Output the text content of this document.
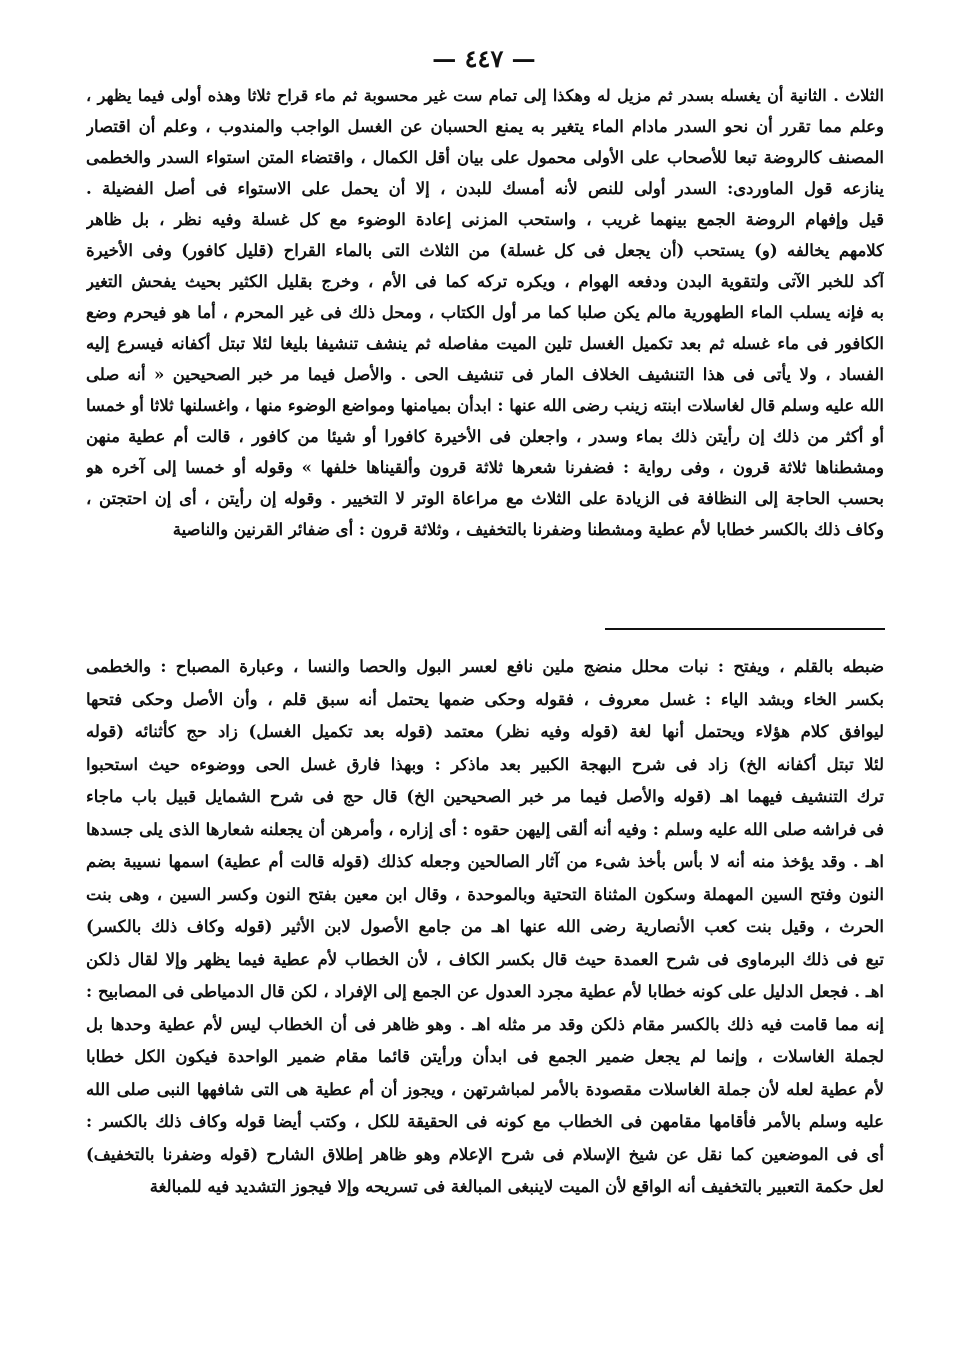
— ٤٤٧ —
الثلاث . الثانية أن يغسله بسدر ثم مزيل له وهكذا إلى تمام ست غير محسوبة ثم ماء قراح ثلاثا وهذه أولى فيما يظهر ،
وعلم مما تقرر أن نحو السدر مادام الماء يتغير به يمنع الحسبان عن الغسل الواجب والمندوب ، وعلم أن اقتصار
المصنف كالروضة تبعا للأصحاب على الأولى محمول على بيان أقل الكمال ، واقتضاء المتن استواء السدر والخطمى
ينازعه قول الماوردى: السدر أولى للنص لأنه أمسك للبدن ، إلا أن يحمل على الاستواء فى أصل الفضيلة .
قيل وإفهام الروضة الجمع بينهما غريب ، واستحب المزنى إعادة الوضوء مع كل غسلة وفيه نظر ، بل ظاهر
كلامهم يخالفه (و) يستحب (أن يجعل فى كل غسلة) من الثلاث التى بالماء القراح (قليل كافور) وفى الأخيرة
آكد للخبر الآتى ولتقوية البدن ودفعه الهوام ، ويكره تركه كما فى الأم ، وخرج بقليل الكثير بحيث يفحش التغير
به فإنه يسلب الماء الطهورية مالم يكن صلبا كما مر أول الكتاب ، ومحل ذلك فى غير المحرم ، أما هو فيحرم وضع
الكافور فى ماء غسله ثم بعد تكميل الغسل تلين الميت مفاصله ثم ينشف تنشيفا بليغا لئلا تبتل أكفانه فيسرع إليه
الفساد ، ولا يأتى فى هذا التنشيف الخلاف المار فى تنشيف الحى . والأصل فيما مر خبر الصحيحين « أنه صلى
الله عليه وسلم قال لغاسلات ابنته زينب رضى الله عنها : ابدأن بميامنها ومواضع الوضوء منها ، واغسلنها ثلاثا أو خمسا
أو أكثر من ذلك إن رأيتن ذلك بماء وسدر ، واجعلن فى الأخيرة كافورا أو شيئا من كافور ، قالت أم عطية منهن
ومشطناها ثلاثة قرون ، وفى رواية : فضفرنا شعرها ثلاثة قرون وألقيناها خلفها » وقوله أو خمسا إلى آخره هو
بحسب الحاجة إلى النظافة فى الزيادة على الثلاث مع مراعاة الوتر لا التخيير . وقوله إن رأيتن ، أى إن احتجتن ،
وكاف ذلك بالكسر خطابا لأم عطية ومشطنا وضفرنا بالتخفيف ، وثلاثة قرون : أى ضفائر القرنين والناصية
ضبطه بالقلم ، ويفتح : نبات محلل منضج ملين نافع لعسر البول والحصا والنسا ، وعبارة المصباح : والخطمى
بكسر الخاء وبشد الياء : غسل معروف ، فقوله وحكى ضمها يحتمل أنه سبق قلم ، وأن الأصل وحكى فتحها
ليوافق كلام هؤلاء ويحتمل أنها لغة (قوله وفيه نظر) معتمد (قوله بعد تكميل الغسل) زاد حج كأثنائه (قوله
لئلا تبتل أكفانه الخ) زاد فى شرح البهجة الكبير بعد ماذكر : وبهذا فارق غسل الحى ووضوءه حيث استحبوا
ترك التنشيف فيهما اهـ (قوله والأصل فيما مر خبر الصحيحين الخ) قال حج فى شرح الشمايل قبيل باب ماجاء
فى فراشه صلى الله عليه وسلم : وفيه أنه ألقى إليهن حقوه : أى إزاره ، وأمرهن أن يجعلنه شعارها الذى يلى جسدها
اهـ . وقد يؤخذ منه أنه لا بأس بأخذ شىء من آثار الصالحين وجعله كذلك (قوله قالت أم عطية) اسمها نسيبة بضم
النون وفتح السين المهملة وسكون المثناة التحتية وبالموحدة ، وقال ابن معين بفتح النون وكسر السين ، وهى بنت
الحرث ، وقيل بنت كعب الأنصارية رضى الله عنها اهـ من جامع الأصول لابن الأثير (قوله وكاف ذلك بالكسر)
تبع فى ذلك البرماوى فى شرح العمدة حيث قال بكسر الكاف ، لأن الخطاب لأم عطية فيما يظهر وإلا لقال ذلكن
اهـ . فجعل الدليل على كونه خطابا لأم عطية مجرد العدول عن الجمع إلى الإفراد ، لكن قال الدمياطى فى المصابيح :
إنه مما قامت فيه ذلك بالكسر مقام ذلكن وقد مر مثله اهـ . وهو ظاهر فى أن الخطاب ليس لأم عطية وحدها بل
لجملة الغاسلات ، وإنما لم يجعل ضمير الجمع فى ابدأن ورأيتن قائما مقام ضمير الواحدة فيكون الكل خطابا
لأم عطية لعله لأن جملة الغاسلات مقصودة بالأمر لمباشرتهن ، ويجوز أن أم عطية هى التى شافهها النبى صلى الله
عليه وسلم بالأمر فأقامها مقامهن فى الخطاب مع كونه فى الحقيقة للكل ، وكتب أيضا قوله وكاف ذلك بالكسر :
أى فى الموضعين كما نقل عن شيخ الإسلام فى شرح الإعلام وهو ظاهر إطلاق الشارح (قوله وضفرنا بالتخفيف)
لعل حكمة التعبير بالتخفيف أنه الواقع لأن الميت لاينبغى المبالغة فى تسريحه وإلا فيجوز التشديد فيه للمبالغة
